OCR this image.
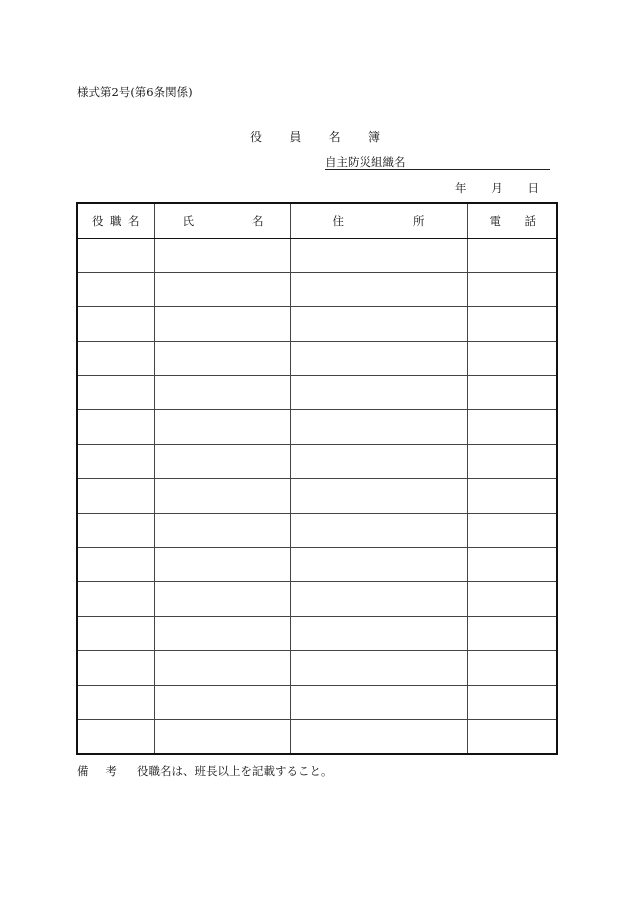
様式第2号(第6条関係)
役 員 名 簿
自主防災組織名
年 月 日
役 職 名	氏 名	住 所	電 話

備 考 役職名は、班長以上を記載すること。
